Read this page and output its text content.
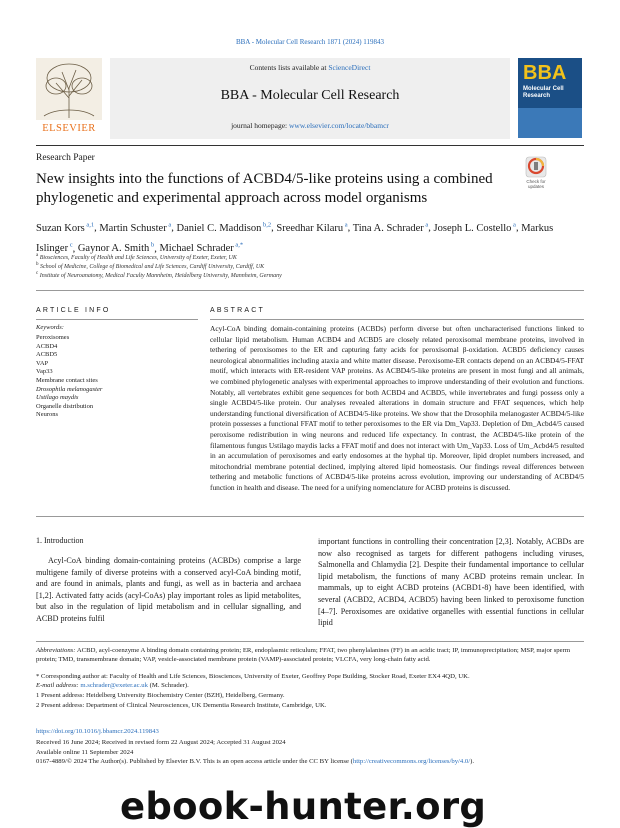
BBA - Molecular Cell Research 1871 (2024) 119843
ELSEVIER
Contents lists available at ScienceDirect
BBA - Molecular Cell Research
journal homepage: www.elsevier.com/locate/bbamcr
BBA
Molecular Cell Research
Research Paper
New insights into the functions of ACBD4/5-like proteins using a combined phylogenetic and experimental approach across model organisms
Check for updates
Suzan Kors $^{a,1}$, Martin Schuster $^a$, Daniel C. Maddison $^{b,2}$, Sreedhar Kilaru $^a$, Tina A. Schrader $^a$, Joseph L. Costello $^a$, Markus Islinger $^c$, Gaynor A. Smith $^b$, Michael Schrader $^{a,*}$
$^a$ Biosciences, Faculty of Health and Life Sciences, University of Exeter, Exeter, UK
$^b$ School of Medicine, College of Biomedical and Life Sciences, Cardiff University, Cardiff, UK
$^c$ Institute of Neuroanatomy, Medical Faculty Mannheim, Heidelberg University, Mannheim, Germany
ARTICLE INFO	ABSTRACT
Keywords:
Peroxisomes
ACBD4
ACBD5
VAP
Vap33
Membrane contact sites
Drosophila melanogaster
Ustilago maydis
Organelle distribution
Neurons
Acyl-CoA binding domain-containing proteins (ACBDs) perform diverse but often uncharacterised functions linked to cellular lipid metabolism. Human ACBD4 and ACBD5 are closely related peroxisomal membrane proteins, involved in tethering of peroxisomes to the ER and capturing fatty acids for peroxisomal β-oxidation. ACBD5 deficiency causes neurological abnormalities including ataxia and white matter disease. Peroxisome-ER contacts depend on an ACBD4/5-FFAT motif, which interacts with ER-resident VAP proteins. As ACBD4/5-like proteins are present in most fungi and all animals, we combined phylogenetic analyses with experimental approaches to improve understanding of their evolution and functions. Notably, all vertebrates exhibit gene sequences for both ACBD4 and ACBD5, while invertebrates and fungi possess only a single ACBD4/5-like protein. Our analyses revealed alterations in domain structure and FFAT sequences, which help understanding functional diversification of ACBD4/5-like proteins. We show that the Drosophila melanogaster ACBD4/5-like protein possesses a functional FFAT motif to tether peroxisomes to the ER via Dm_Vap33. Depletion of Dm_Acbd4/5 caused peroxisome redistribution in wing neurons and reduced life expectancy. In contrast, the ACBD4/5-like protein of the filamentous fungus Ustilago maydis lacks a FFAT motif and does not interact with Um_Vap33. Loss of Um_Acbd4/5 resulted in an accumulation of peroxisomes and early endosomes at the hyphal tip. Moreover, lipid droplet numbers increased, and mitochondrial membrane potential declined, implying altered lipid homeostasis. Our findings reveal differences between tethering and metabolic functions of ACBD4/5-like proteins across evolution, improving our understanding of ACBD4/5 function in health and disease. The need for a unifying nomenclature for ACBD proteins is discussed.
1. Introduction
Acyl-CoA binding domain-containing proteins (ACBDs) comprise a large multigene family of diverse proteins with a conserved acyl-CoA binding motif, and are found in animals, plants and fungi, as well as in bacteria and archaea [1,2]. Activated fatty acids (acyl-CoAs) play important roles as lipid metabolites, but also in the regulation of lipid metabolism and in cellular signalling, and ACBD proteins fulfil
important functions in controlling their concentration [2,3]. Notably, ACBDs are now also recognised as targets for different pathogens including viruses, Salmonella and Chlamydia [2]. Despite their fundamental importance to cellular lipid metabolism, the functions of many ACBD proteins remain unclear. In mammals, up to eight ACBD proteins (ACBD1-8) have been identified, with several (ACBD2, ACBD4, ACBD5) having been linked to peroxisome function [4–7]. Peroxisomes are oxidative organelles with essential functions in cellular lipid
Abbreviations: ACBD, acyl-coenzyme A binding domain containing protein; ER, endoplasmic reticulum; FFAT, two phenylalanines (FF) in an acidic tract; IP, immunoprecipitation; MSP, major sperm protein; TMD, transmembrane domain; VAP, vesicle-associated membrane protein (VAMP)-associated protein; VLCFA, very long-chain fatty acid.
* Corresponding author at: Faculty of Health and Life Sciences, Biosciences, University of Exeter, Geoffrey Pope Building, Stocker Road, Exeter EX4 4QD, UK.
E-mail address: m.schrader@exeter.ac.uk (M. Schrader).
1 Present address: Heidelberg University Biochemistry Center (BZH), Heidelberg, Germany.
2 Present address: Department of Clinical Neurosciences, UK Dementia Research Institute, Cambridge, UK.
https://doi.org/10.1016/j.bbamcr.2024.119843
Received 16 June 2024; Received in revised form 22 August 2024; Accepted 31 August 2024
Available online 11 September 2024
0167-4889/© 2024 The Author(s). Published by Elsevier B.V. This is an open access article under the CC BY license (http://creativecommons.org/licenses/by/4.0/).
ebook-hunter.org
